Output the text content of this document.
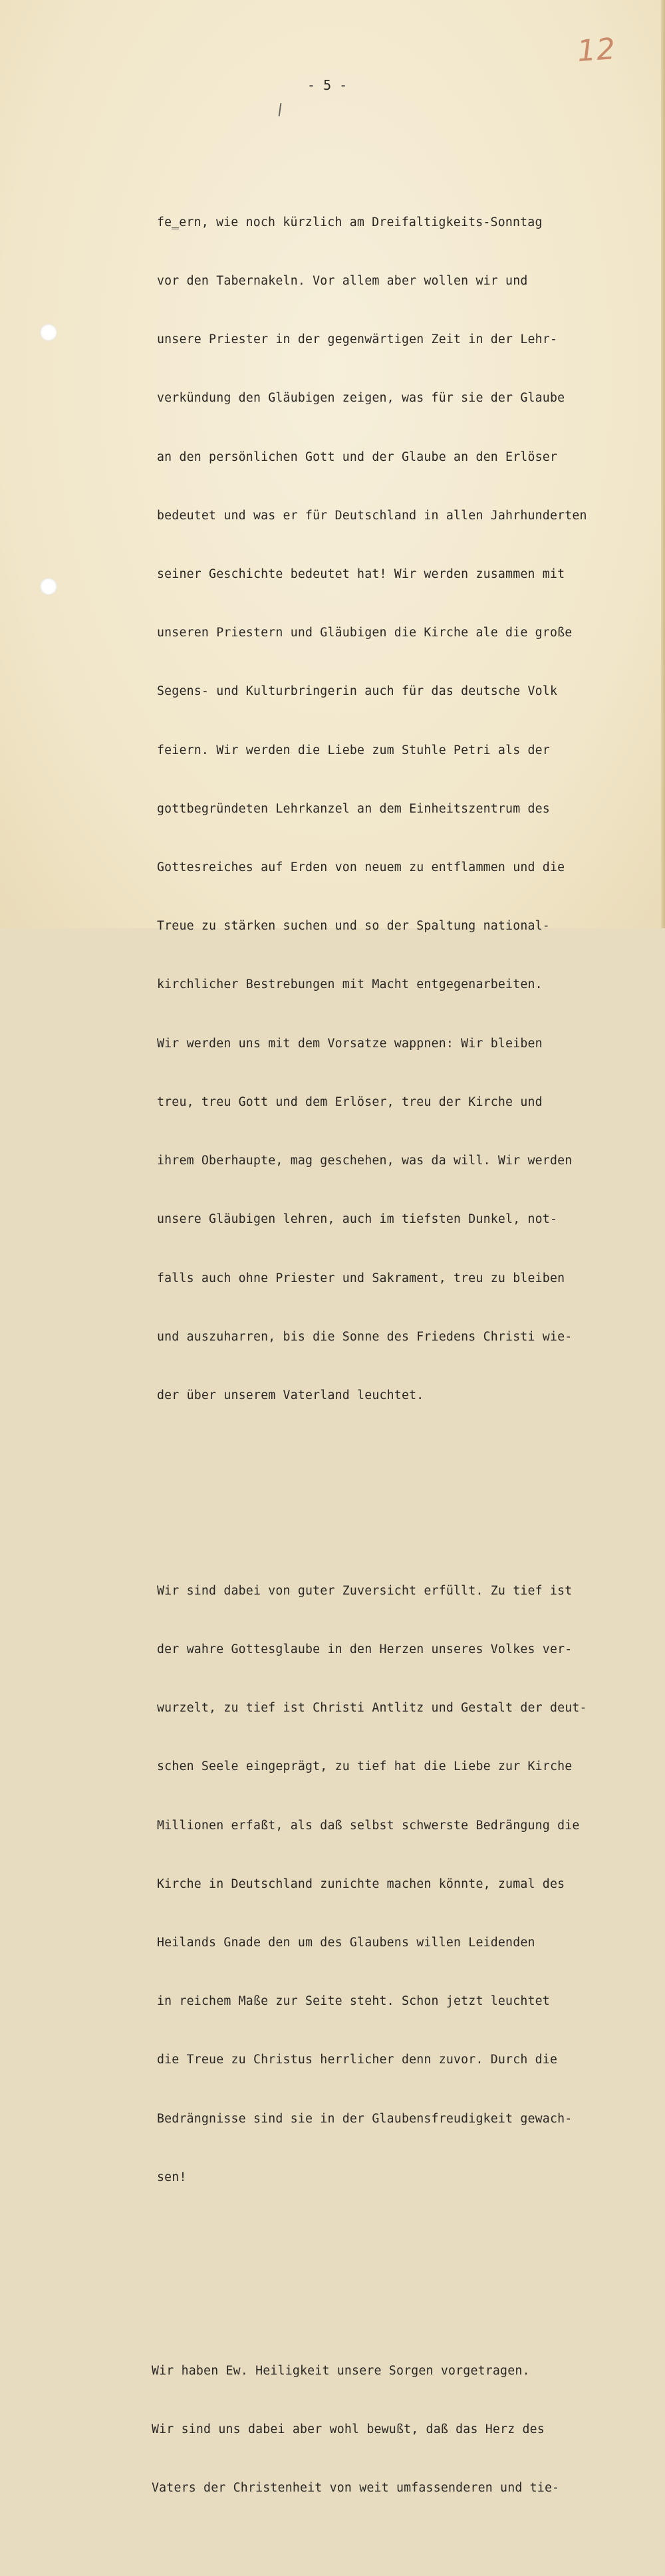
12
- 5 -

fe̳ern, wie noch kürzlich am Dreifaltigkeits-Sonntag

vor den Tabernakeln. Vor allem aber wollen wir und

unsere Priester in der gegenwärtigen Zeit in der Lehr-

verkündung den Gläubigen zeigen, was für sie der Glaube

an den persönlichen Gott und der Glaube an den Erlöser

bedeutet und was er für Deutschland in allen Jahrhunderten

seiner Geschichte bedeutet hat! Wir werden zusammen mit

unseren Priestern und Gläubigen die Kirche ale die große

Segens- und Kulturbringerin auch für das deutsche Volk

feiern. Wir werden die Liebe zum Stuhle Petri als der

gottbegründeten Lehrkanzel an dem Einheitszentrum des

Gottesreiches auf Erden von neuem zu entflammen und die

Treue zu stärken suchen und so der Spaltung national-

kirchlicher Bestrebungen mit Macht entgegenarbeiten.

Wir werden uns mit dem Vorsatze wappnen: Wir bleiben

treu, treu Gott und dem Erlöser, treu der Kirche und

ihrem Oberhaupte, mag geschehen, was da will. Wir werden

unsere Gläubigen lehren, auch im tiefsten Dunkel, not-

falls auch ohne Priester und Sakrament, treu zu bleiben

und auszuharren, bis die Sonne des Friedens Christi wie-

der über unserem Vaterland leuchtet.

Wir sind dabei von guter Zuversicht erfüllt. Zu tief ist

der wahre Gottesglaube in den Herzen unseres Volkes ver-

wurzelt, zu tief ist Christi Antlitz und Gestalt der deut-

schen Seele eingeprägt, zu tief hat die Liebe zur Kirche

Millionen erfaßt, als daß selbst schwerste Bedrängung die

Kirche in Deutschland zunichte machen könnte, zumal des

Heilands Gnade den um des Glaubens willen Leidenden

in reichem Maße zur Seite steht. Schon jetzt leuchtet

die Treue zu Christus herrlicher denn zuvor. Durch die

Bedrängnisse sind sie in der Glaubensfreudigkeit gewach-

sen!

Wir haben Ew. Heiligkeit unsere Sorgen vorgetragen.

Wir sind uns dabei aber wohl bewußt, daß das Herz des

Vaters der Christenheit von weit umfassenderen und tie-
